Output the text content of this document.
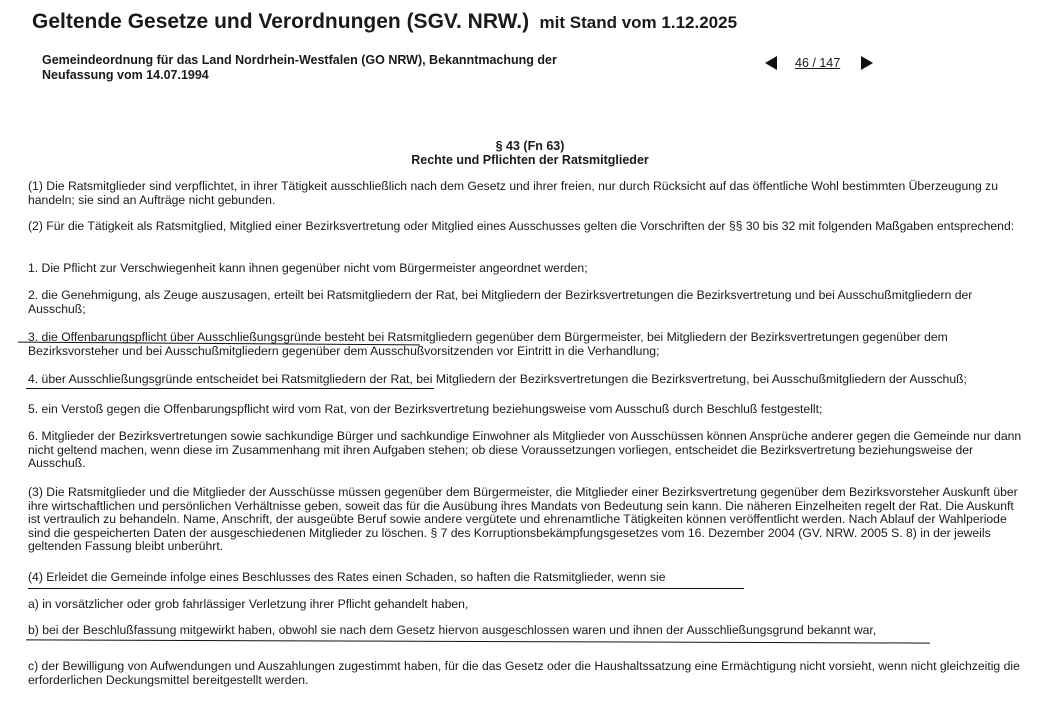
Geltende Gesetze und Verordnungen (SGV. NRW.) mit Stand vom 1.12.2025
Gemeindeordnung für das Land Nordrhein-Westfalen (GO NRW), Bekanntmachung der Neufassung vom 14.07.1994
46 / 147
§ 43 (Fn 63)
Rechte und Pflichten der Ratsmitglieder
(1) Die Ratsmitglieder sind verpflichtet, in ihrer Tätigkeit ausschließlich nach dem Gesetz und ihrer freien, nur durch Rücksicht auf das öffentliche Wohl bestimmten Überzeugung zu handeln; sie sind an Aufträge nicht gebunden.
(2) Für die Tätigkeit als Ratsmitglied, Mitglied einer Bezirksvertretung oder Mitglied eines Ausschusses gelten die Vorschriften der §§ 30 bis 32 mit folgenden Maßgaben entsprechend:
1. Die Pflicht zur Verschwiegenheit kann ihnen gegenüber nicht vom Bürgermeister angeordnet werden;
2. die Genehmigung, als Zeuge auszusagen, erteilt bei Ratsmitgliedern der Rat, bei Mitgliedern der Bezirksvertretungen die Bezirksvertretung und bei Ausschußmitgliedern der Ausschuß;
3. die Offenbarungspflicht über Ausschließungsgründe besteht bei Ratsmitgliedern gegenüber dem Bürgermeister, bei Mitgliedern der Bezirksvertretungen gegenüber dem Bezirksvorsteher und bei Ausschußmitgliedern gegenüber dem Ausschußvorsitzenden vor Eintritt in die Verhandlung;
4. über Ausschließungsgründe entscheidet bei Ratsmitgliedern der Rat, bei Mitgliedern der Bezirksvertretungen die Bezirksvertretung, bei Ausschußmitgliedern der Ausschuß;
5. ein Verstoß gegen die Offenbarungspflicht wird vom Rat, von der Bezirksvertretung beziehungsweise vom Ausschuß durch Beschluß festgestellt;
6. Mitglieder der Bezirksvertretungen sowie sachkundige Bürger und sachkundige Einwohner als Mitglieder von Ausschüssen können Ansprüche anderer gegen die Gemeinde nur dann nicht geltend machen, wenn diese im Zusammenhang mit ihren Aufgaben stehen; ob diese Voraussetzungen vorliegen, entscheidet die Bezirksvertretung beziehungsweise der Ausschuß.
(3) Die Ratsmitglieder und die Mitglieder der Ausschüsse müssen gegenüber dem Bürgermeister, die Mitglieder einer Bezirksvertretung gegenüber dem Bezirksvorsteher Auskunft über ihre wirtschaftlichen und persönlichen Verhältnisse geben, soweit das für die Ausübung ihres Mandats von Bedeutung sein kann. Die näheren Einzelheiten regelt der Rat. Die Auskunft ist vertraulich zu behandeln. Name, Anschrift, der ausgeübte Beruf sowie andere vergütete und ehrenamtliche Tätigkeiten können veröffentlicht werden. Nach Ablauf der Wahlperiode sind die gespeicherten Daten der ausgeschiedenen Mitglieder zu löschen. § 7 des Korruptionsbekämpfungsgesetzes vom 16. Dezember 2004 (GV. NRW. 2005 S. 8) in der jeweils geltenden Fassung bleibt unberührt.
(4) Erleidet die Gemeinde infolge eines Beschlusses des Rates einen Schaden, so haften die Ratsmitglieder, wenn sie
a) in vorsätzlicher oder grob fahrlässiger Verletzung ihrer Pflicht gehandelt haben,
b) bei der Beschlußfassung mitgewirkt haben, obwohl sie nach dem Gesetz hiervon ausgeschlossen waren und ihnen der Ausschließungsgrund bekannt war,
c) der Bewilligung von Aufwendungen und Auszahlungen zugestimmt haben, für die das Gesetz oder die Haushaltssatzung eine Ermächtigung nicht vorsieht, wenn nicht gleichzeitig die erforderlichen Deckungsmittel bereitgestellt werden.
